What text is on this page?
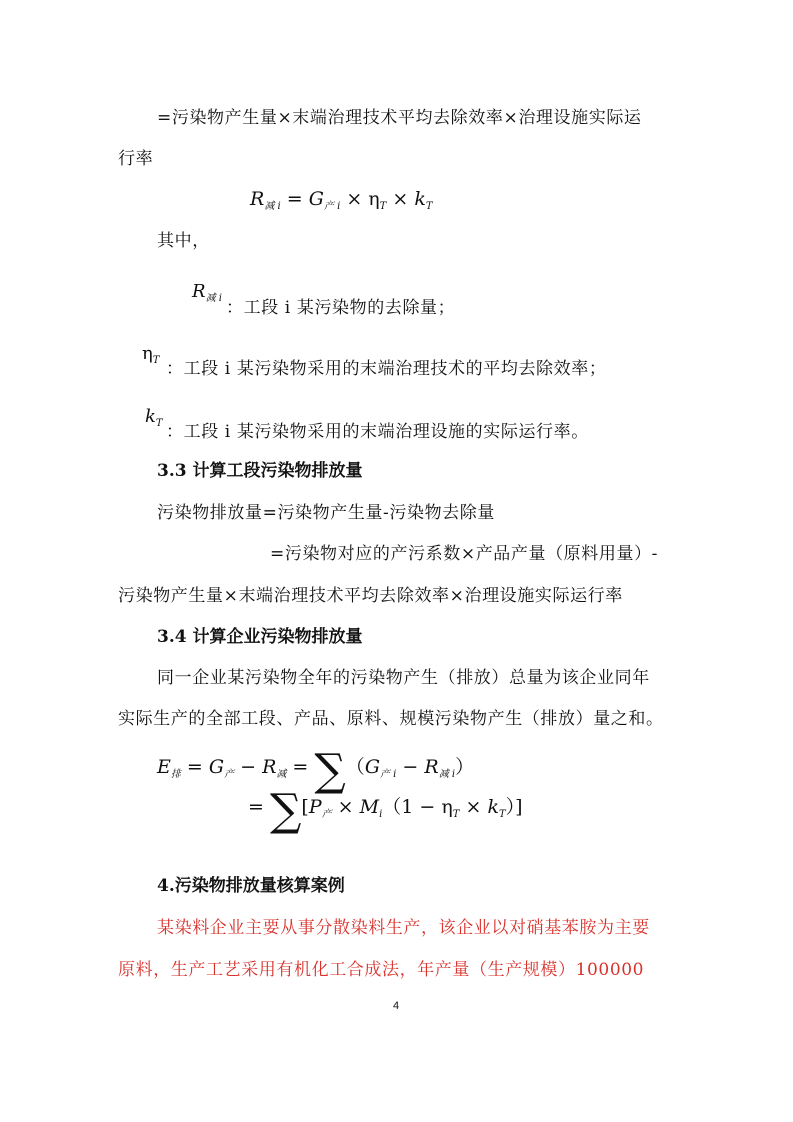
=污染物产生量×末端治理技术平均去除效率×治理设施实际运
行率
$R_{减 i} = G_{产 i} \times \eta_T \times k_T$
其中，
$R_{减 i}$ ：工段 i 某污染物的去除量；
$\eta_T$ ：工段 i 某污染物采用的末端治理技术的平均去除效率；
$k_T$ ：工段 i 某污染物采用的末端治理设施的实际运行率。
3.3 计算工段污染物排放量
污染物排放量=污染物产生量-污染物去除量
=污染物对应的产污系数×产品产量（原料用量）-
污染物产生量×末端治理技术平均去除效率×治理设施实际运行率
3.4 计算企业污染物排放量
同一企业某污染物全年的污染物产生（排放）总量为该企业同年
实际生产的全部工段、产品、原料、规模污染物产生（排放）量之和。
$E_排 = G_产 - R_减 = \sum(G_{产 i} - R_{减 i})$
= $\sum[P_产 \times M_i(1 - \eta_T \times k_T)]$
4.污染物排放量核算案例
某染料企业主要从事分散染料生产，该企业以对硝基苯胺为主要
原料，生产工艺采用有机化工合成法，年产量（生产规模）100000
4
